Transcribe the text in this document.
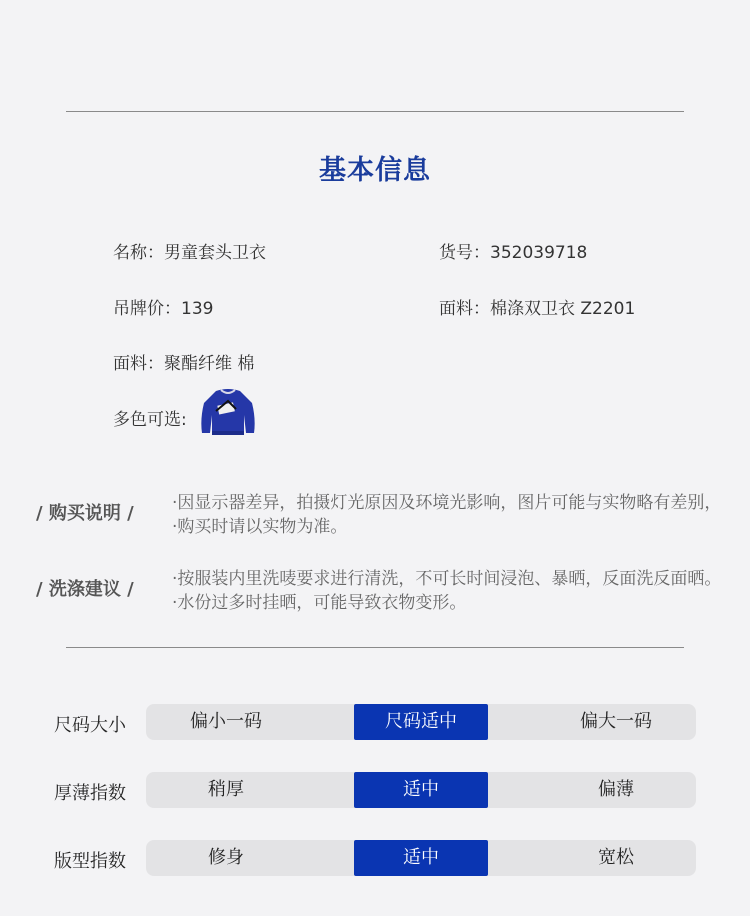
基本信息
名称：男童套头卫衣	货号：352039718
吊牌价：139	面料：棉涤双卫衣 Z2201
面料：聚酯纤维 棉
多色可选:
/ 购买说明 / ·因显示器差异，拍摄灯光原因及环境光影响，图片可能与实物略有差别，
·购买时请以实物为准。
/ 洗涤建议 / ·按服装内里洗唛要求进行清洗，不可长时间浸泡、暴晒，反面洗反面晒。
·水份过多时挂晒，可能导致衣物变形。
尺码大小	偏小一码	尺码适中	偏大一码
厚薄指数	稍厚	适中	偏薄
版型指数	修身	适中	宽松
